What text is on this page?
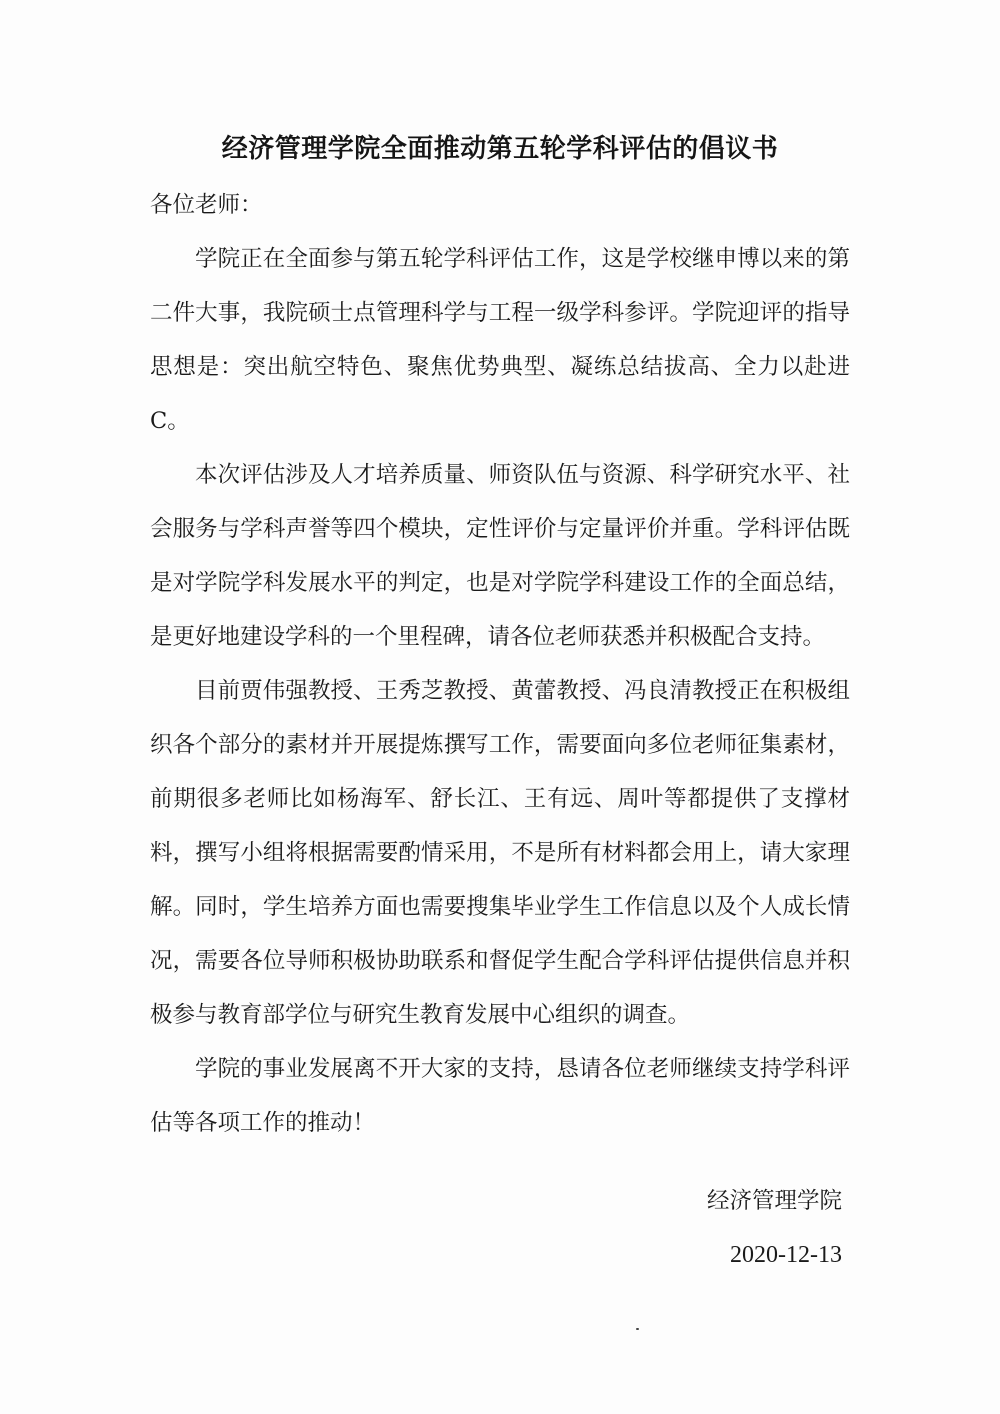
经济管理学院全面推动第五轮学科评估的倡议书

各位老师：

学院正在全面参与第五轮学科评估工作，这是学校继申博以来的第二件大事，我院硕士点管理科学与工程一级学科参评。学院迎评的指导思想是：突出航空特色、聚焦优势典型、凝练总结拔高、全力以赴进C。

本次评估涉及人才培养质量、师资队伍与资源、科学研究水平、社会服务与学科声誉等四个模块，定性评价与定量评价并重。学科评估既是对学院学科发展水平的判定，也是对学院学科建设工作的全面总结，是更好地建设学科的一个里程碑，请各位老师获悉并积极配合支持。

目前贾伟强教授、王秀芝教授、黄蕾教授、冯良清教授正在积极组织各个部分的素材并开展提炼撰写工作，需要面向多位老师征集素材，前期很多老师比如杨海军、舒长江、王有远、周叶等都提供了支撑材料，撰写小组将根据需要酌情采用，不是所有材料都会用上，请大家理解。同时，学生培养方面也需要搜集毕业学生工作信息以及个人成长情况，需要各位导师积极协助联系和督促学生配合学科评估提供信息并积极参与教育部学位与研究生教育发展中心组织的调查。

学院的事业发展离不开大家的支持，恳请各位老师继续支持学科评估等各项工作的推动！

经济管理学院
2020-12-13
